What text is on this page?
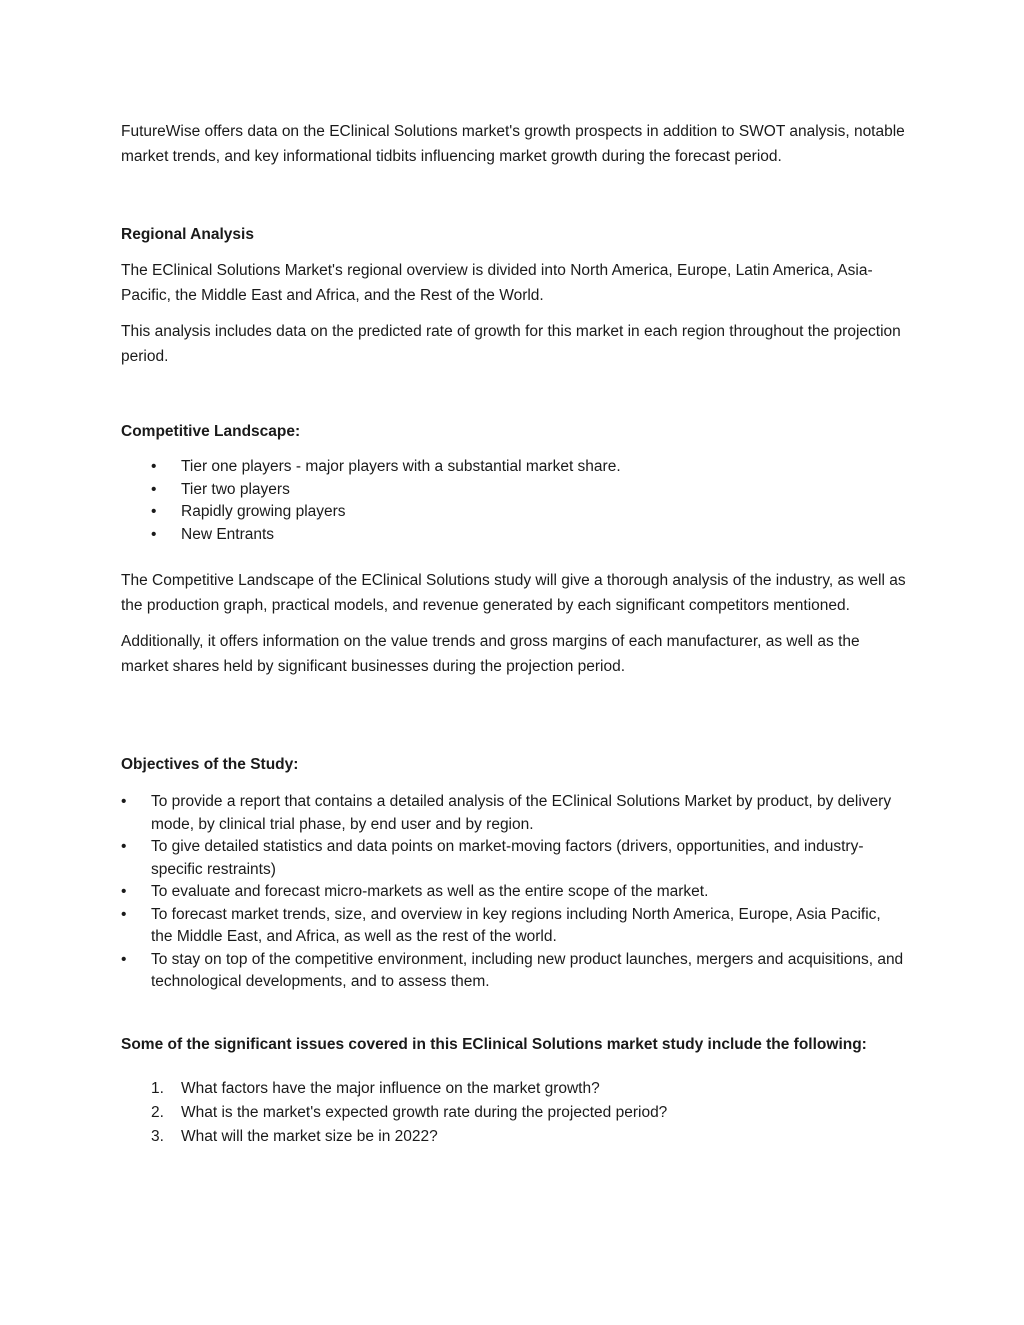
FutureWise offers data on the EClinical Solutions market's growth prospects in addition to SWOT analysis, notable market trends, and key informational tidbits influencing market growth during the forecast period.

Regional Analysis

The EClinical Solutions Market's regional overview is divided into North America, Europe, Latin America, Asia-Pacific, the Middle East and Africa, and the Rest of the World.

This analysis includes data on the predicted rate of growth for this market in each region throughout the projection period.

Competitive Landscape:
• Tier one players - major players with a substantial market share.
• Tier two players
• Rapidly growing players
• New Entrants

The Competitive Landscape of the EClinical Solutions study will give a thorough analysis of the industry, as well as the production graph, practical models, and revenue generated by each significant competitors mentioned.

Additionally, it offers information on the value trends and gross margins of each manufacturer, as well as the market shares held by significant businesses during the projection period.

Objectives of the Study:
• To provide a report that contains a detailed analysis of the EClinical Solutions Market by product, by delivery mode, by clinical trial phase, by end user and by region.
• To give detailed statistics and data points on market-moving factors (drivers, opportunities, and industry-specific restraints)
• To evaluate and forecast micro-markets as well as the entire scope of the market.
• To forecast market trends, size, and overview in key regions including North America, Europe, Asia Pacific, the Middle East, and Africa, as well as the rest of the world.
• To stay on top of the competitive environment, including new product launches, mergers and acquisitions, and technological developments, and to assess them.
Some of the significant issues covered in this EClinical Solutions market study include the following:
1. What factors have the major influence on the market growth?
2. What is the market's expected growth rate during the projected period?
3. What will the market size be in 2022?
